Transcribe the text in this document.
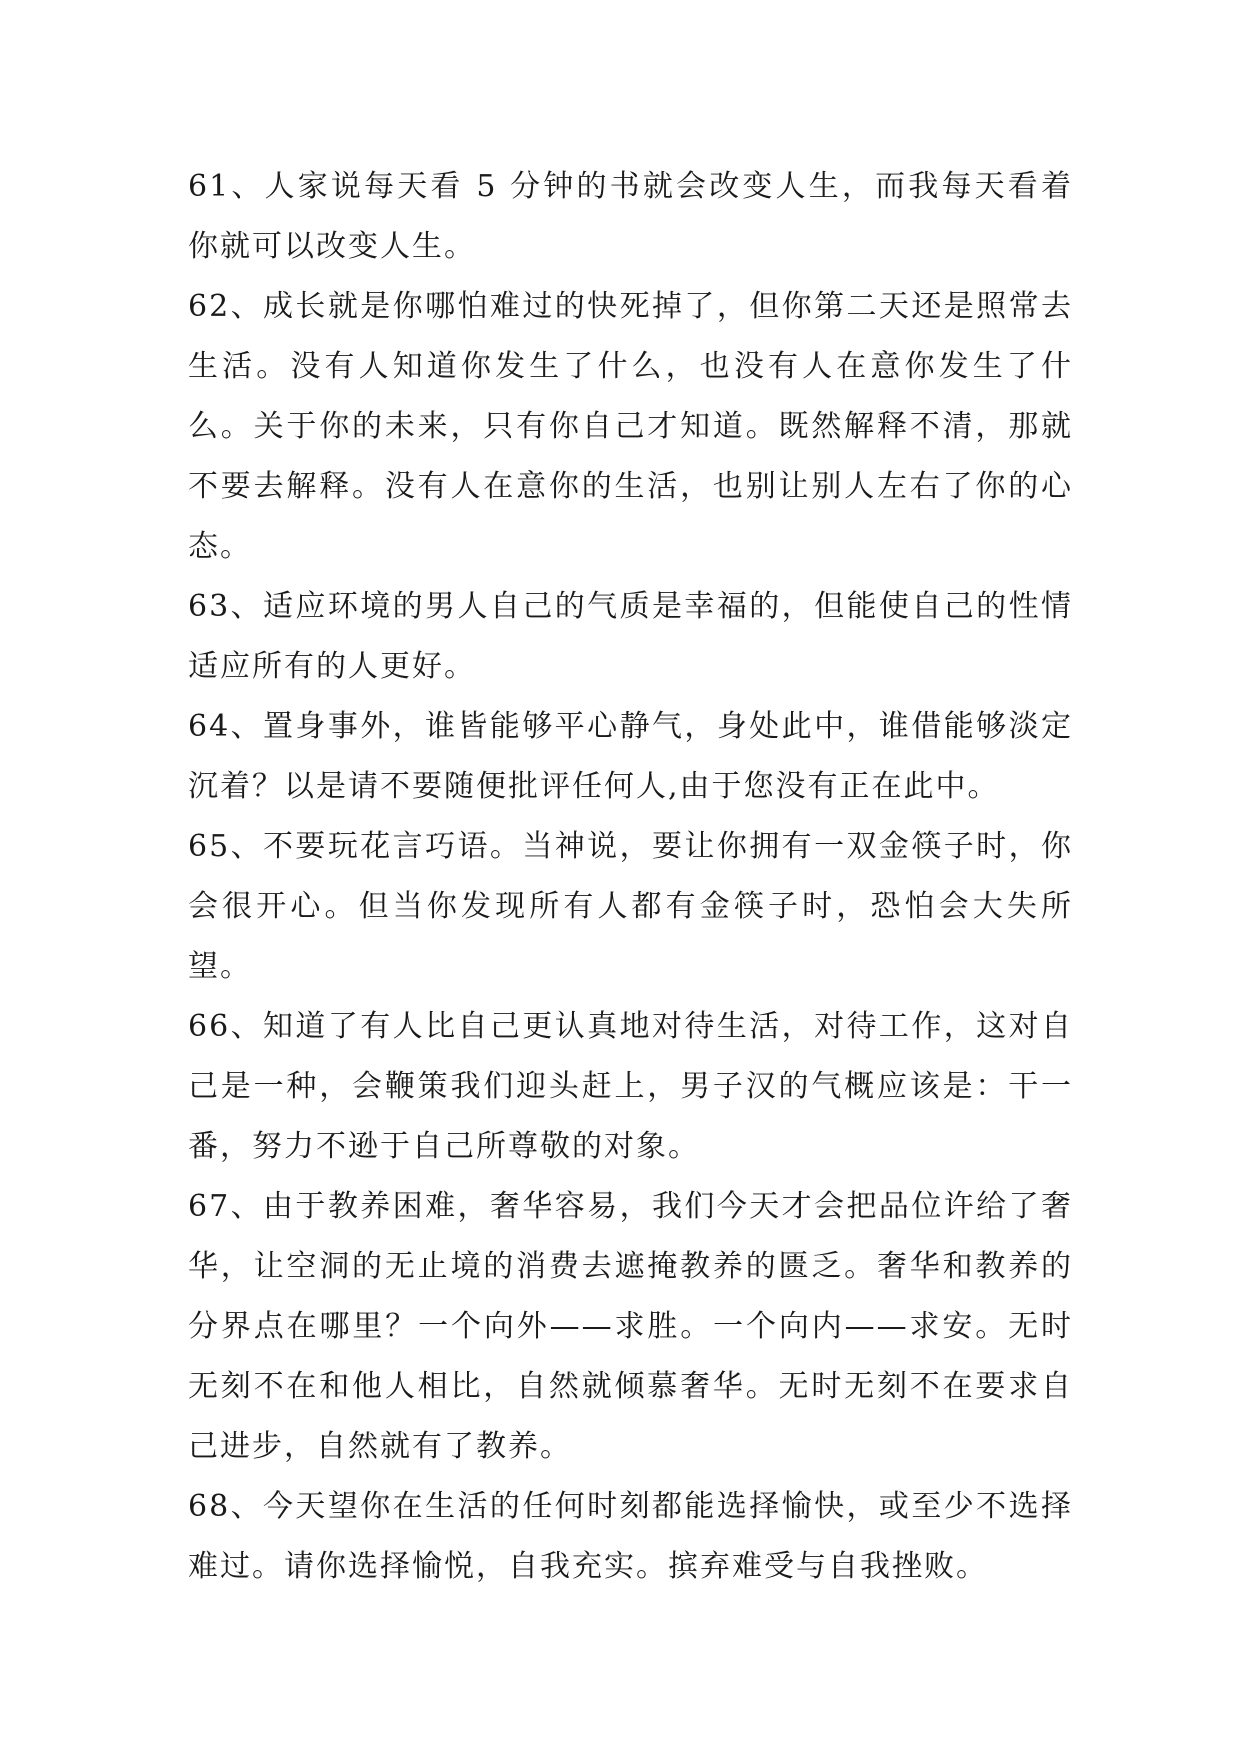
61、人家说每天看 5 分钟的书就会改变人生，而我每天看着你就可以改变人生。

62、成长就是你哪怕难过的快死掉了，但你第二天还是照常去生活。没有人知道你发生了什么，也没有人在意你发生了什么。关于你的未来，只有你自己才知道。既然解释不清，那就不要去解释。没有人在意你的生活，也别让别人左右了你的心态。

63、适应环境的男人自己的气质是幸福的，但能使自己的性情适应所有的人更好。

64、置身事外，谁皆能够平心静气，身处此中，谁借能够淡定沉着？以是请不要随便批评任何人,由于您没有正在此中。

65、不要玩花言巧语。当神说，要让你拥有一双金筷子时，你会很开心。但当你发现所有人都有金筷子时，恐怕会大失所望。

66、知道了有人比自己更认真地对待生活，对待工作，这对自己是一种，会鞭策我们迎头赶上，男子汉的气概应该是：干一番，努力不逊于自己所尊敬的对象。

67、由于教养困难，奢华容易，我们今天才会把品位许给了奢华，让空洞的无止境的消费去遮掩教养的匮乏。奢华和教养的分界点在哪里？一个向外——求胜。一个向内——求安。无时无刻不在和他人相比，自然就倾慕奢华。无时无刻不在要求自己进步，自然就有了教养。

68、今天望你在生活的任何时刻都能选择愉快，或至少不选择难过。请你选择愉悦，自我充实。摈弃难受与自我挫败。
